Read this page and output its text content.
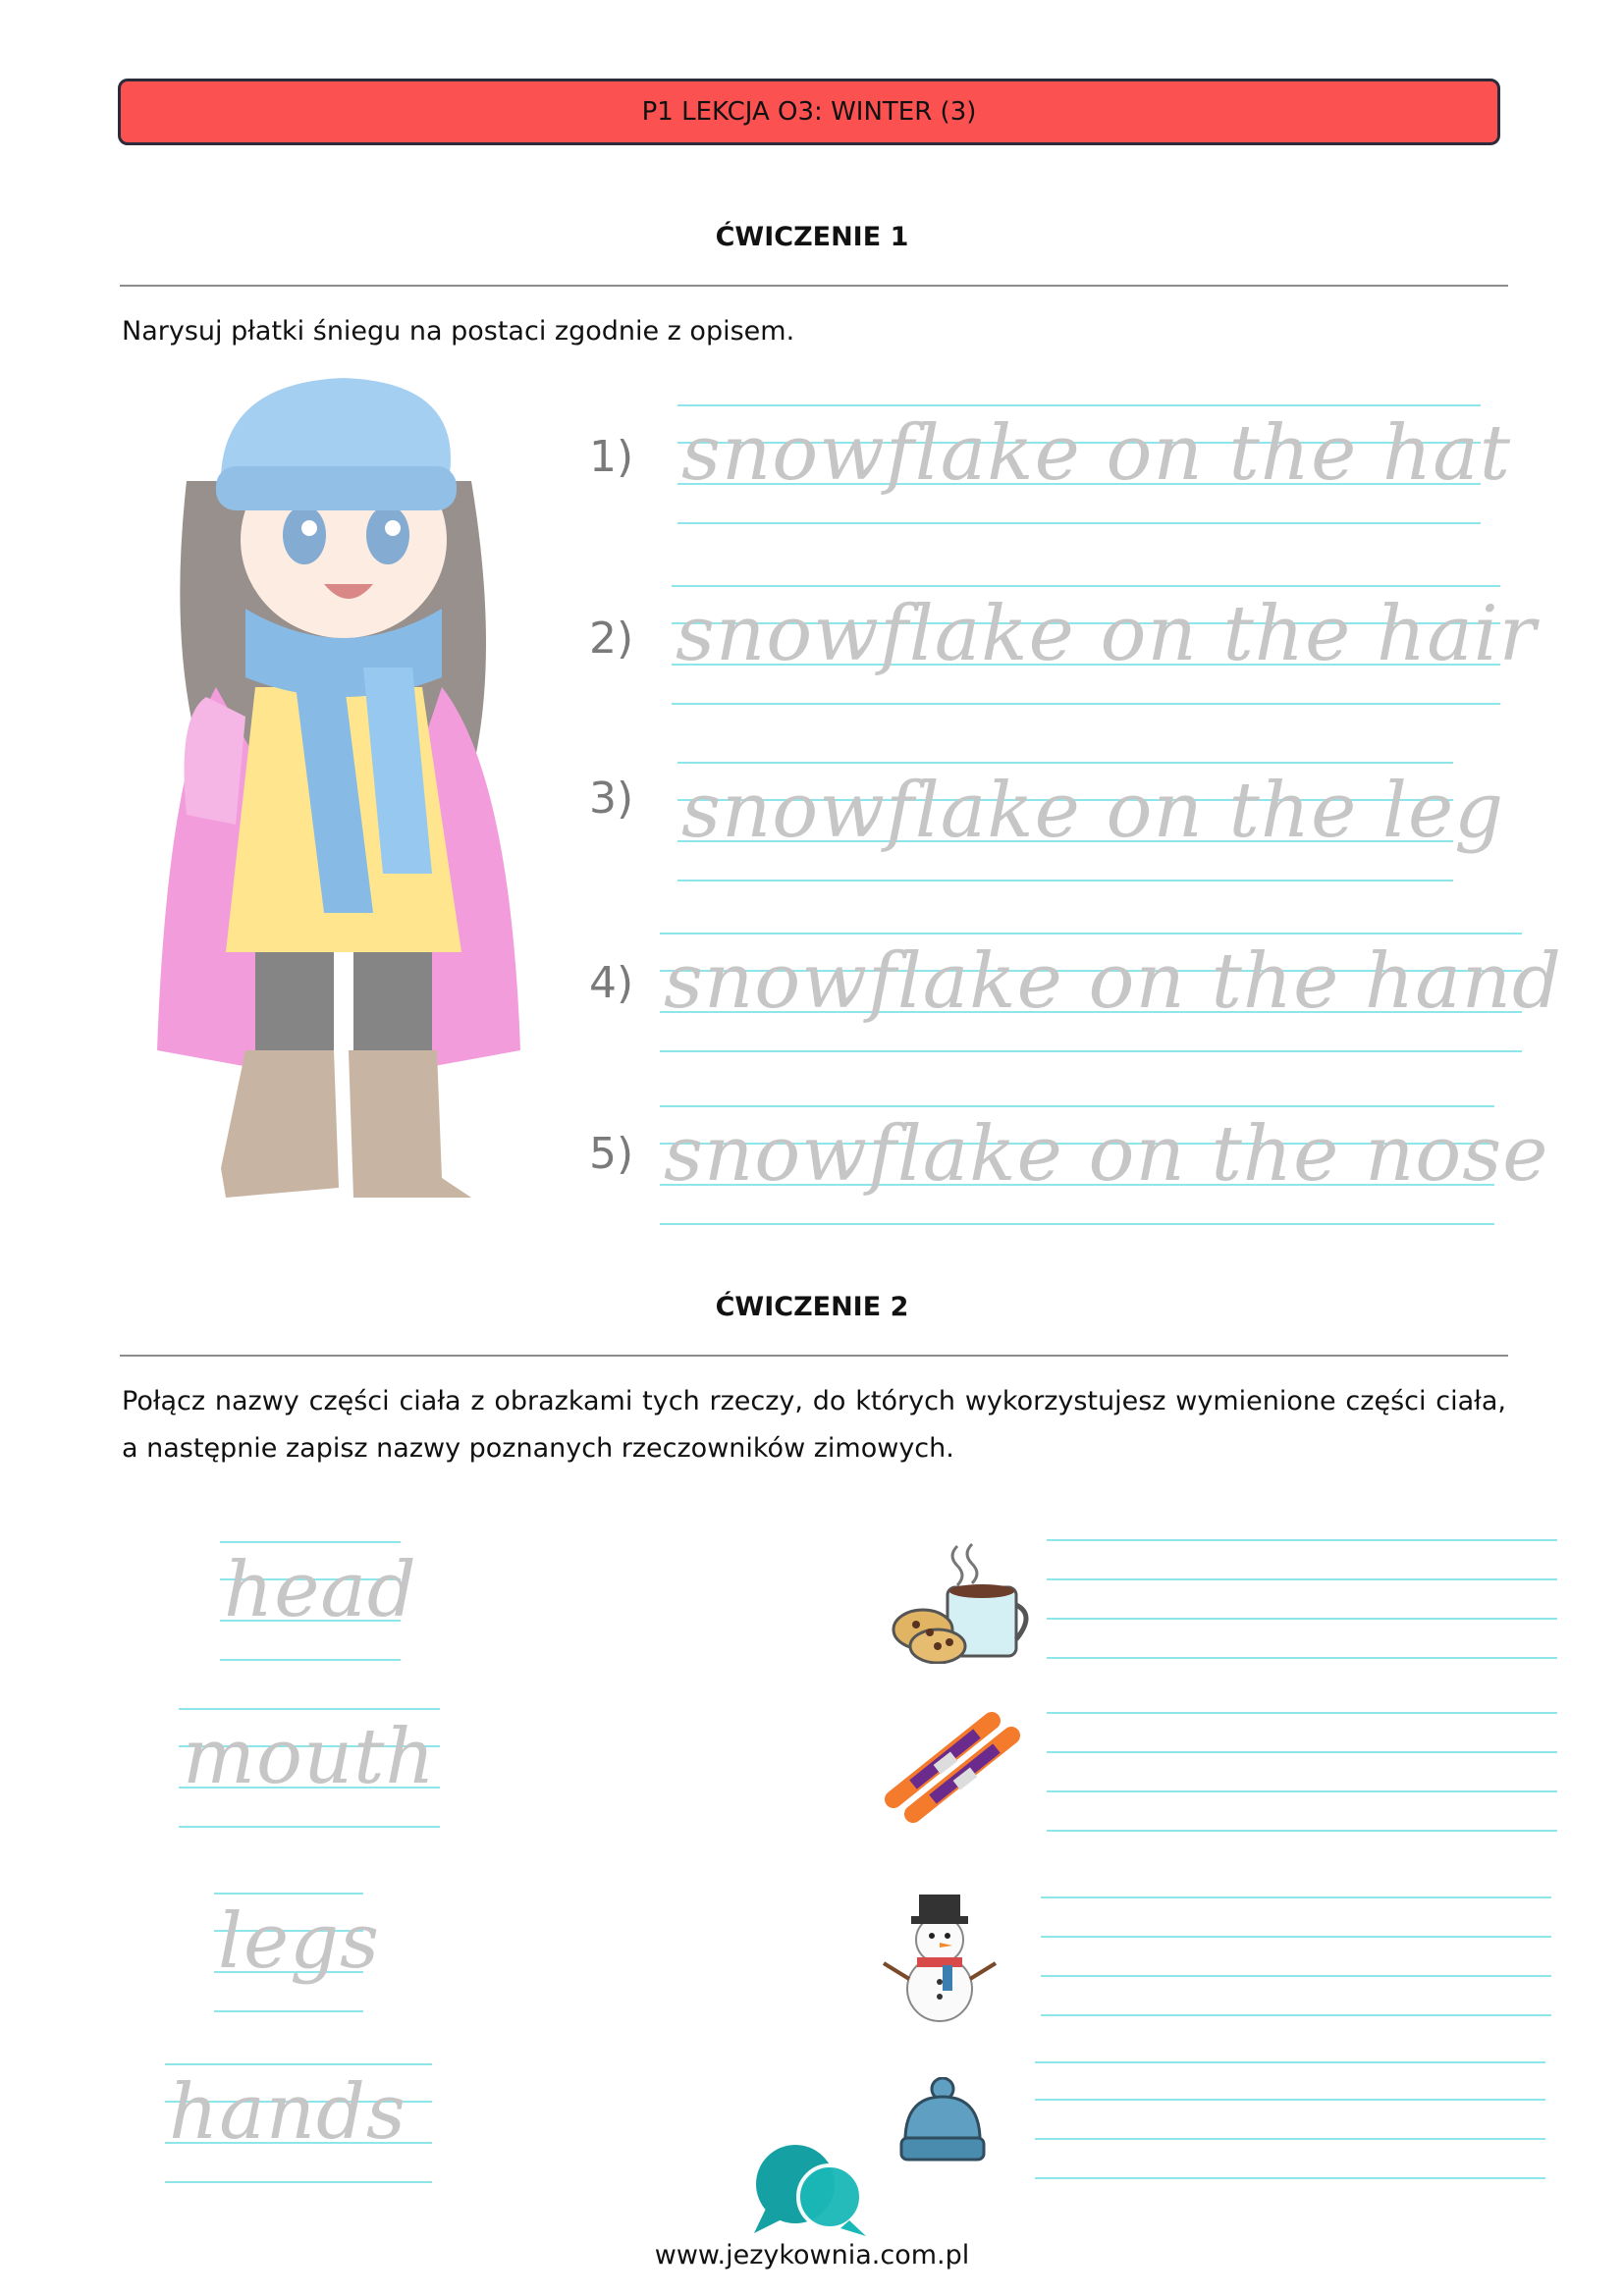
P1 LEKCJA O3: WINTER (3)
ĆWICZENIE 1
Narysuj płatki śniegu na postaci zgodnie z opisem.
1) snowflake on the hat
2) snowflake on the hair
3) snowflake on the leg
4) snowflake on the hand
5) snowflake on the nose
ĆWICZENIE 2
Połącz nazwy części ciała z obrazkami tych rzeczy, do których wykorzystujesz wymienione części ciała, a następnie zapisz nazwy poznanych rzeczowników zimowych.
head
mouth
legs
hands
www.jezykownia.com.pl
